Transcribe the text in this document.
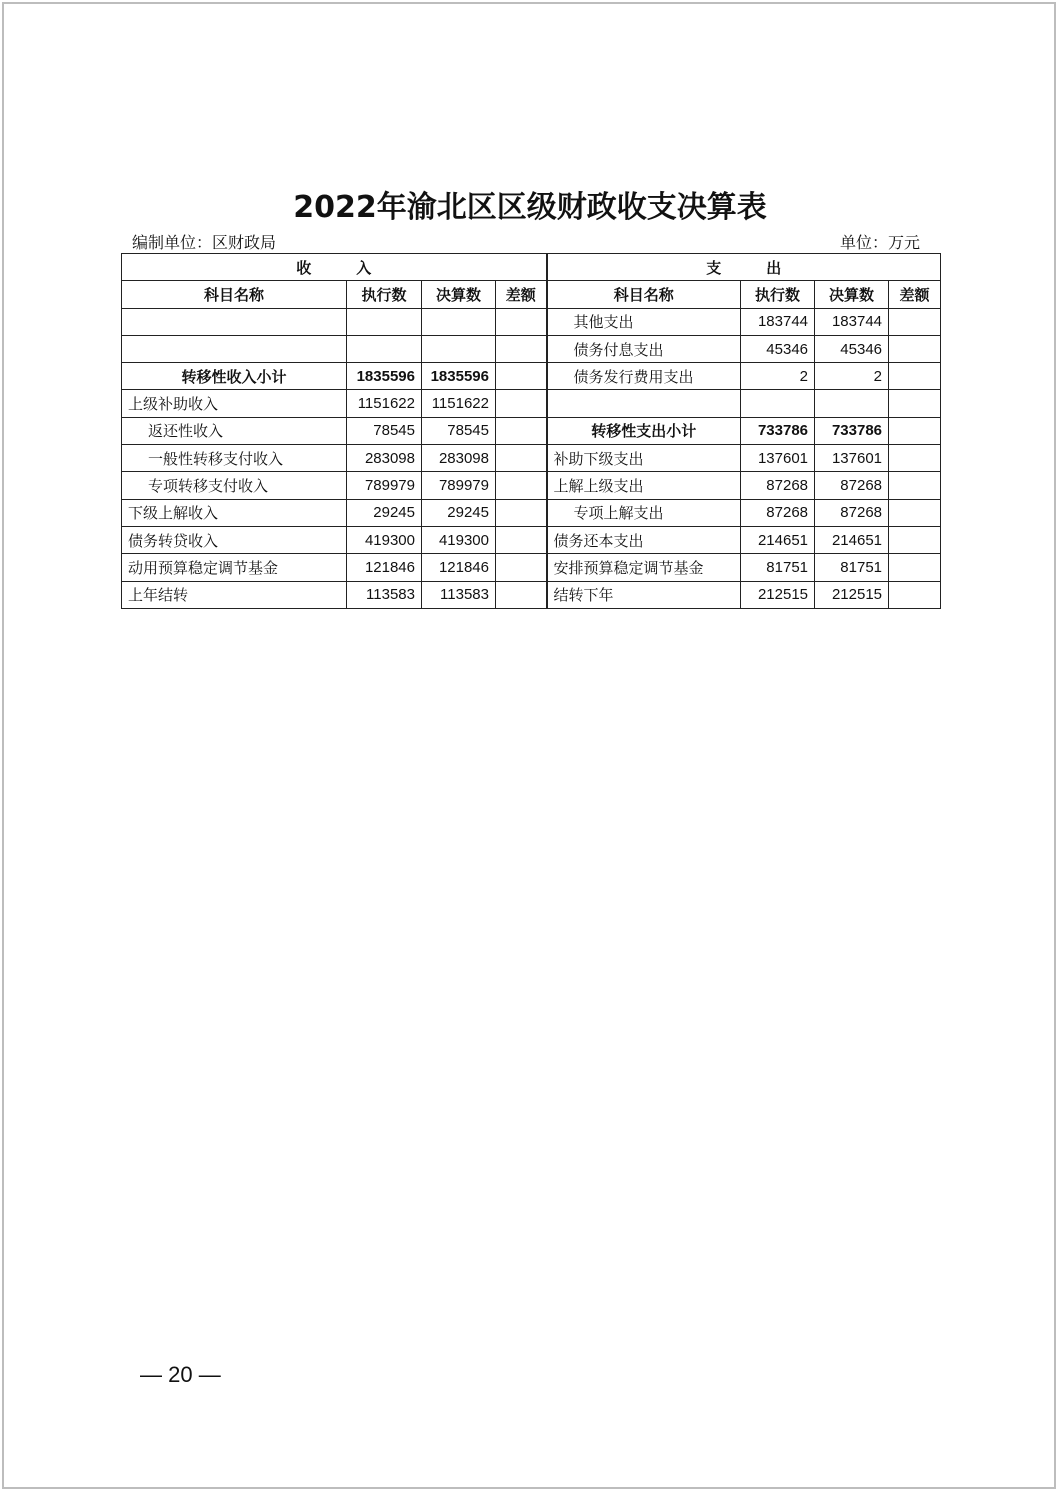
2022年渝北区区级财政收支决算表
编制单位：区财政局	单位：万元
收　　　入				支　　　出			
科目名称	执行数	决算数	差额	科目名称	执行数	决算数	差额
				其他支出	183744	183744	
				债务付息支出	45346	45346	
转移性收入小计	1835596	1835596		债务发行费用支出	2	2	
上级补助收入	1151622	1151622					
返还性收入	78545	78545		转移性支出小计	733786	733786	
一般性转移支付收入	283098	283098		补助下级支出	137601	137601	
专项转移支付收入	789979	789979		上解上级支出	87268	87268	
下级上解收入	29245	29245		专项上解支出	87268	87268	
债务转贷收入	419300	419300		债务还本支出	214651	214651	
动用预算稳定调节基金	121846	121846		安排预算稳定调节基金	81751	81751	
上年结转	113583	113583		结转下年	212515	212515	
— 20 —
